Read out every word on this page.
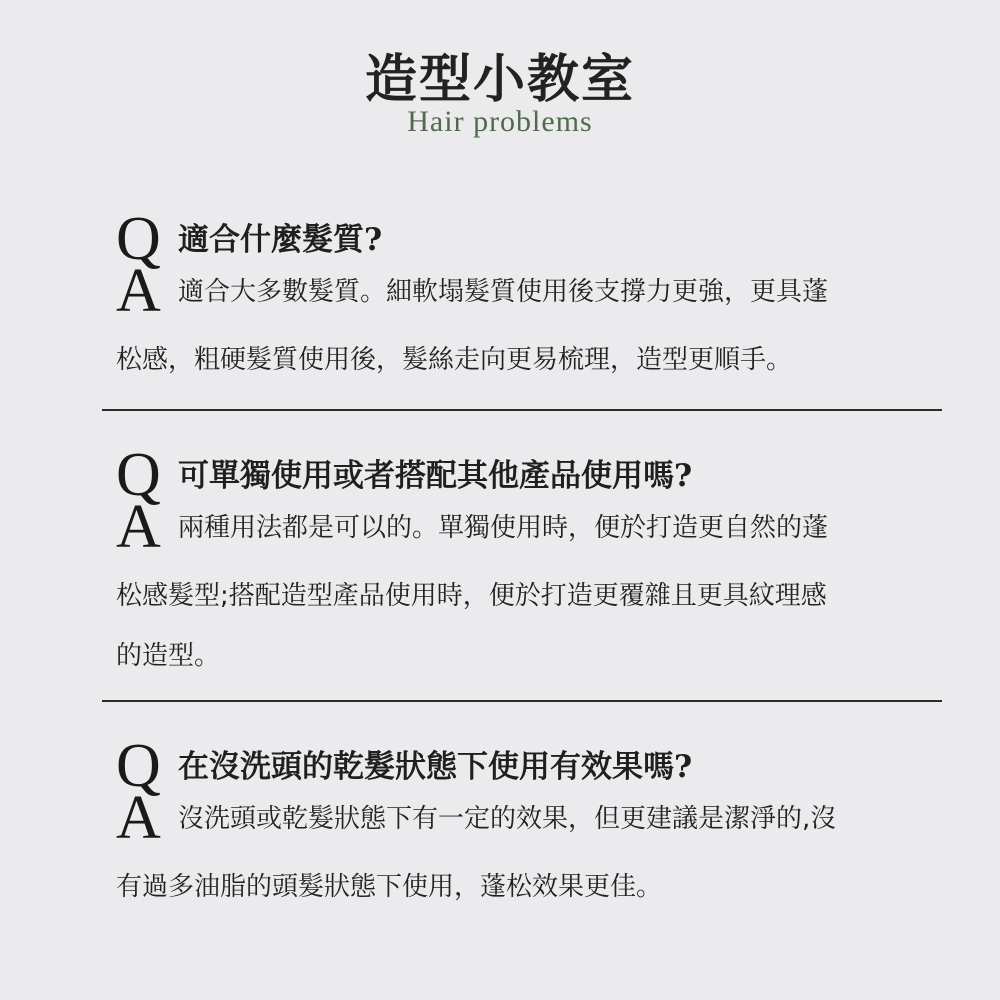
造型小教室
Hair problems
Q 適合什麼髮質?
A 適合大多數髮質。細軟塌髮質使用後支撐力更強，更具蓬
松感，粗硬髮質使用後，髮絲走向更易梳理，造型更順手。
Q 可單獨使用或者搭配其他產品使用嗎?
A 兩種用法都是可以的。單獨使用時，便於打造更自然的蓬
松感髮型;搭配造型產品使用時，便於打造更覆雜且更具紋理感
的造型。
Q 在沒洗頭的乾髮狀態下使用有效果嗎?
A 沒洗頭或乾髮狀態下有一定的效果，但更建議是潔淨的,沒
有過多油脂的頭髮狀態下使用，蓬松效果更佳。
